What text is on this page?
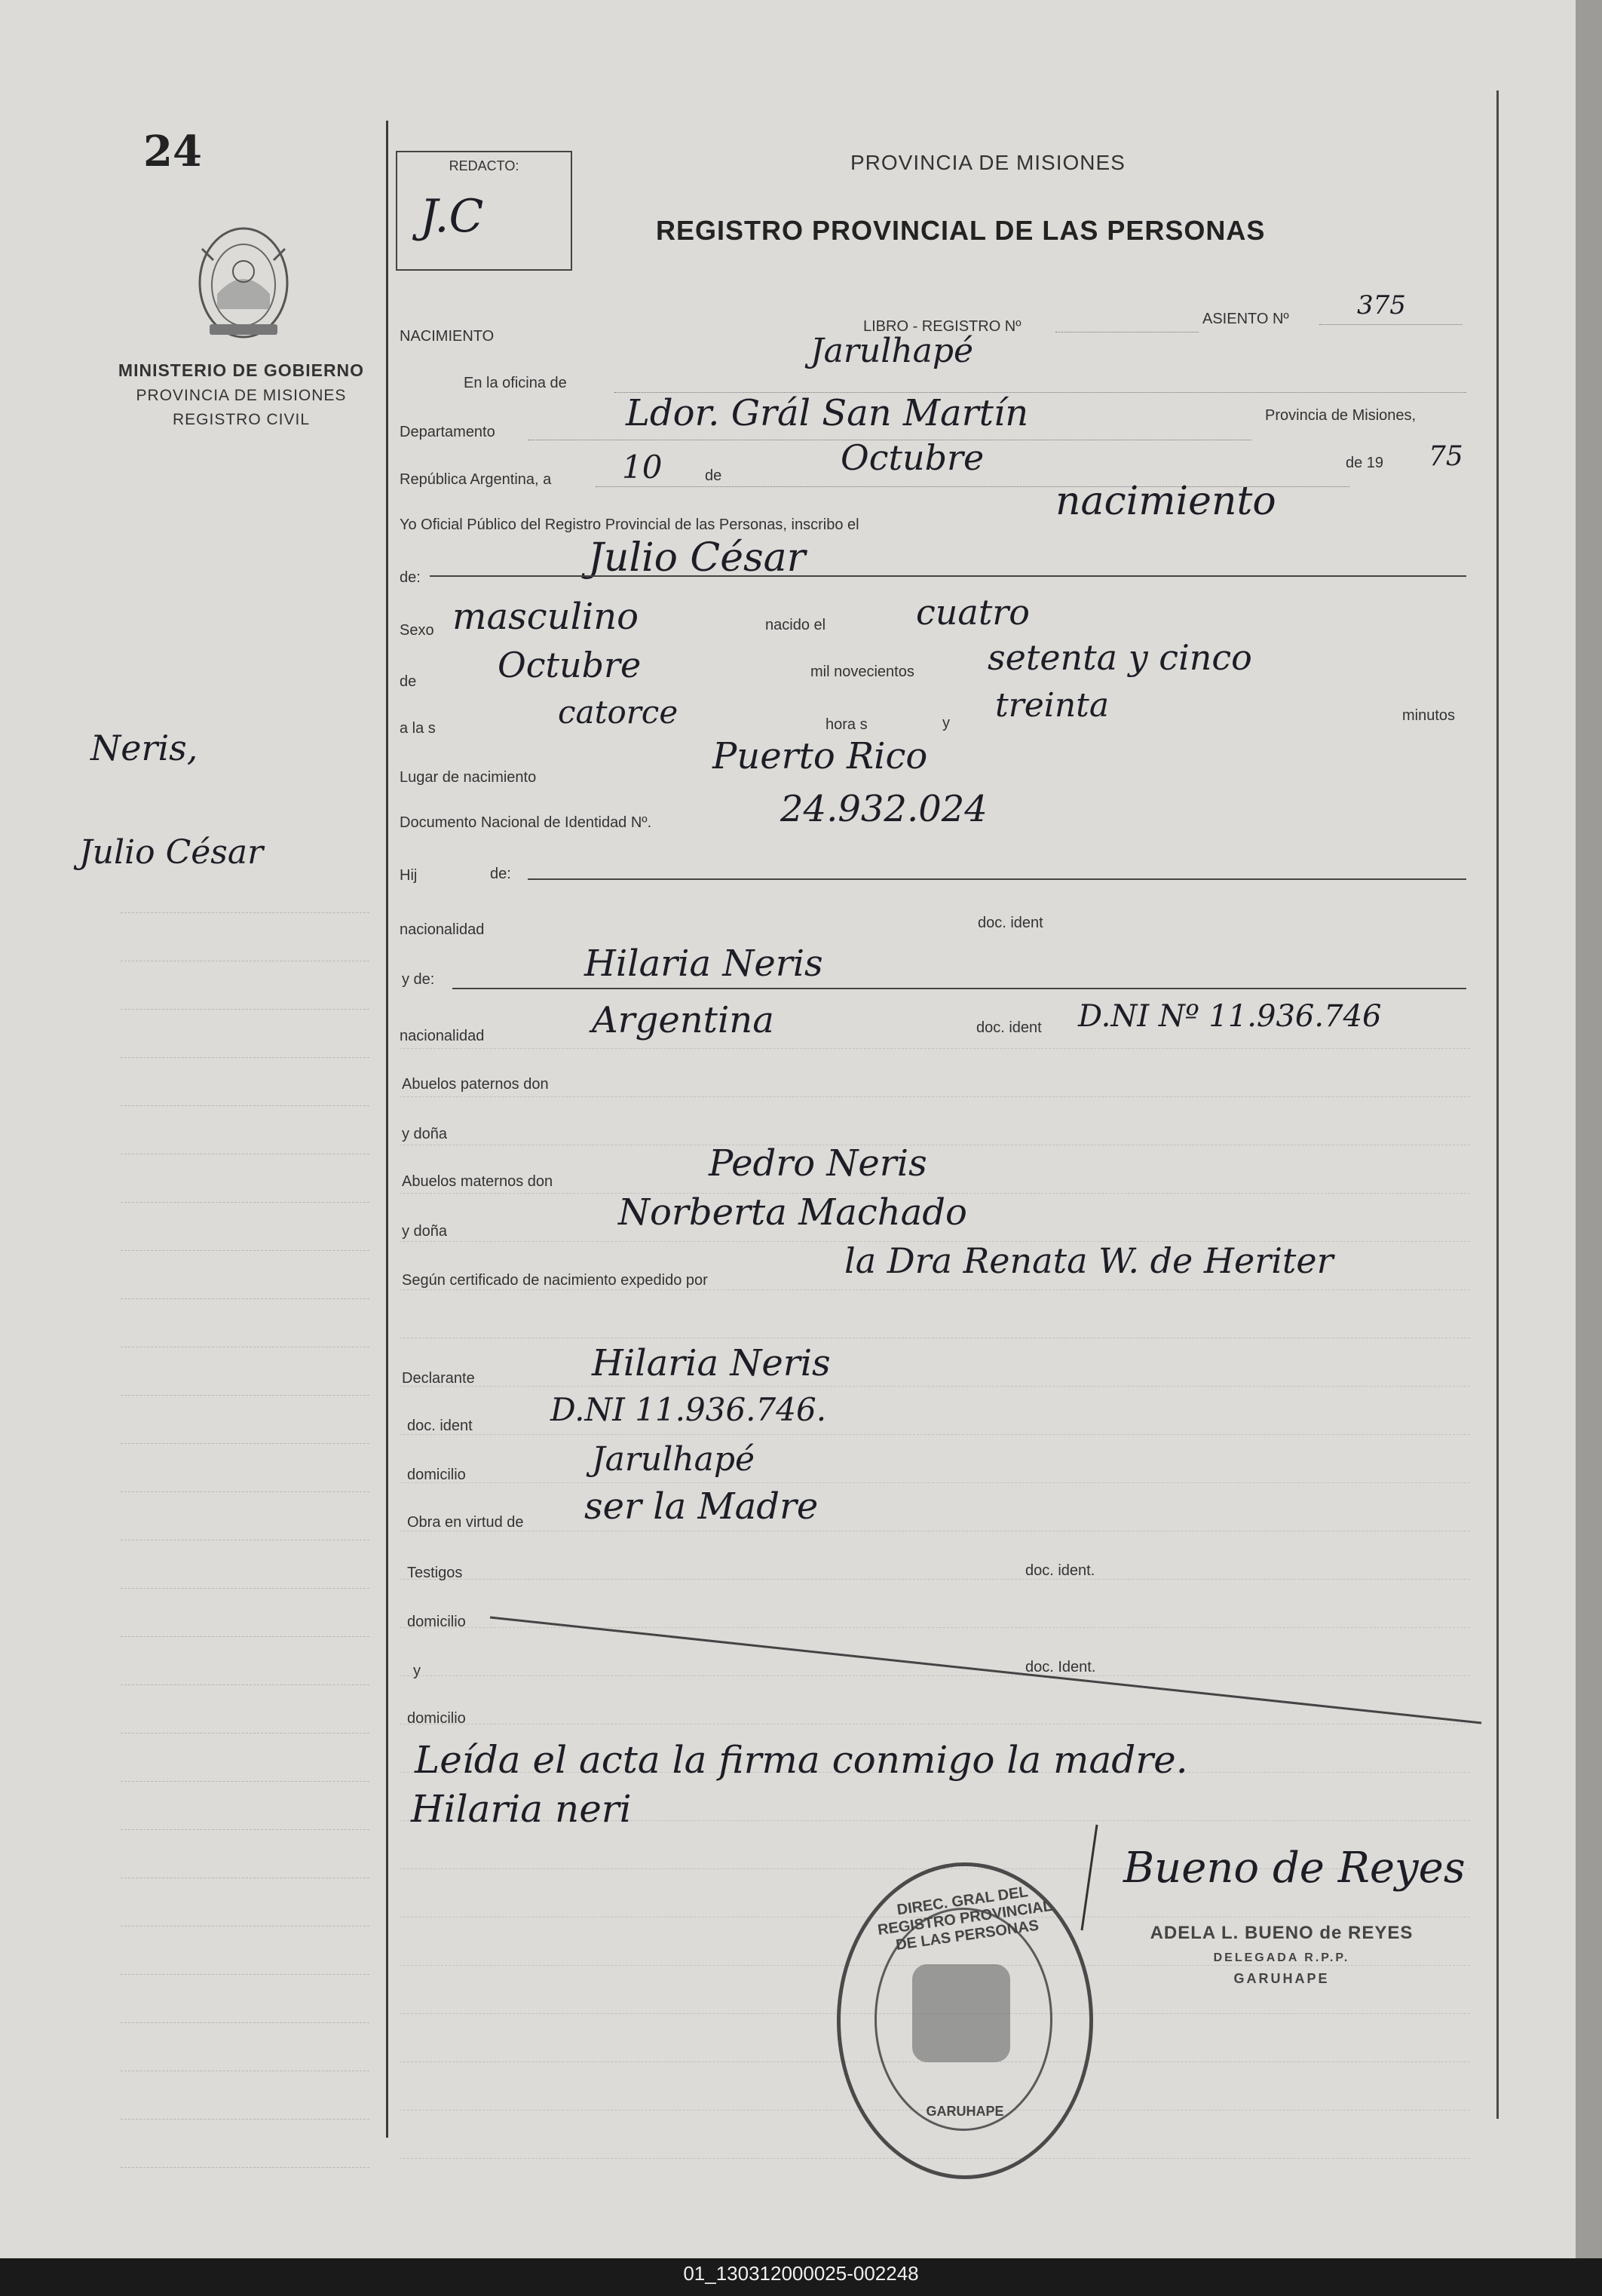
24
MINISTERIO DE GOBIERNO
PROVINCIA DE MISIONES
REGISTRO CIVIL
Neris,
Julio César
REDACTO:
J.C
PROVINCIA DE MISIONES
REGISTRO PROVINCIAL DE LAS PERSONAS
NACIMIENTO
LIBRO - REGISTRO Nº	ASIENTO Nº	375
En la oficina de
Jarulhapé
Departamento	Ldor. Grál San Martín	Provincia de Misiones,
República Argentina, a 10	de	Octubre	de 19 75
Yo Oficial Público del Registro Provincial de las Personas, inscribo el
nacimiento
de:	Julio César
Sexo masculino	nacido el	cuatro
de Octubre	mil novecientos setenta y cinco
a la s	catorce	hora s	y treinta	minutos
Lugar de nacimiento	Puerto Rico
Documento Nacional de Identidad Nº.	24.932.024
Hij	de:
nacionalidad	doc. ident
y de:	Hilaria Neris
nacionalidad	Argentina	doc. ident D.NI Nº 11.936.746
Abuelos paternos don
y doña
Abuelos maternos don	Pedro Neris
y doña	Norberta Machado
Según certificado de nacimiento expedido por	la Dra Renata W. de Heriter
Declarante	Hilaria Neris
doc. ident D.NI 11.936.746.
domicilio	Jarulhapé
Obra en virtud de ser la Madre
Testigos	doc. ident.
domicilio
y	doc. Ident.
domicilio
Leída el acta la firma conmigo la madre.
Hilaria neri
DIREC. GRAL DEL REGISTRO PROVINCIAL DE LAS PERSONAS
GARUHAPE
Bueno de Reyes
ADELA L. BUENO de REYES
DELEGADA R.P.P.
GARUHAPE
01_130312000025-002248
